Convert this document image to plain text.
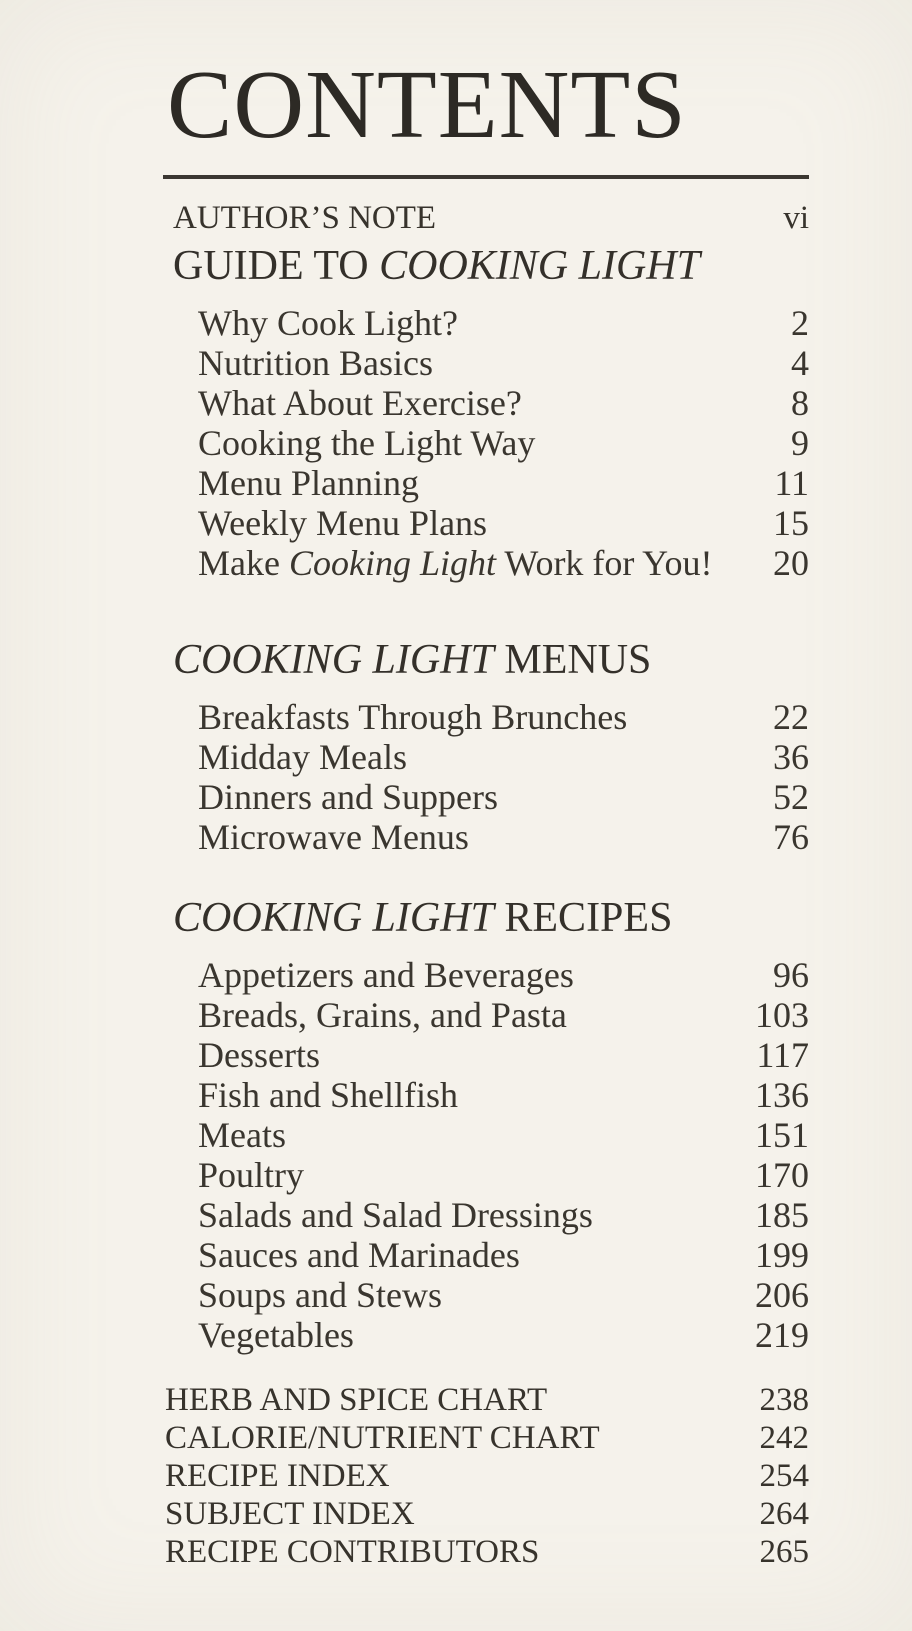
CONTENTS
AUTHOR’S NOTE	vi
GUIDE TO COOKING LIGHT
Why Cook Light?	2
Nutrition Basics	4
What About Exercise?	8
Cooking the Light Way	9
Menu Planning	11
Weekly Menu Plans	15
Make Cooking Light Work for You! 20
COOKING LIGHT MENUS
Breakfasts Through Brunches	22
Midday Meals	36
Dinners and Suppers	52
Microwave Menus	76
COOKING LIGHT RECIPES
Appetizers and Beverages	96
Breads, Grains, and Pasta	103
Desserts	117
Fish and Shellfish	136
Meats	151
Poultry	170
Salads and Salad Dressings	185
Sauces and Marinades	199
Soups and Stews	206
Vegetables	219
HERB AND SPICE CHART	238
CALORIE/NUTRIENT CHART	242
RECIPE INDEX	254
SUBJECT INDEX	264
RECIPE CONTRIBUTORS	265
